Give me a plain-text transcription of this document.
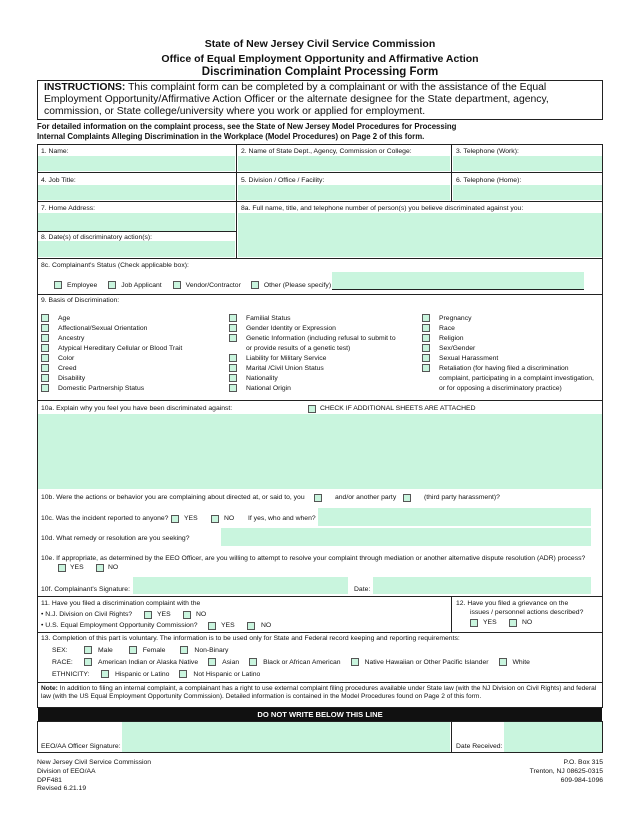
State of New Jersey Civil Service Commission
Office of Equal Employment Opportunity and Affirmative Action
Discrimination Complaint Processing Form
INSTRUCTIONS: This complaint form can be completed by a complainant or with the assistance of the Equal Employment Opportunity/Affirmative Action Officer or the alternate designee for the State department, agency, commission, or State college/university where you work or applied for employment.
For detailed information on the complaint process, see the State of New Jersey Model Procedures for Processing
Internal Complaints Alleging Discrimination in the Workplace (Model Procedures) on Page 2 of this form.
1. Name:	2. Name of State Dept., Agency, Commission or College:	3. Telephone (Work):
4. Job Title:	5. Division / Office / Facility:	6. Telephone (Home):
7. Home Address:	8a. Full name, title, and telephone number of person(s) you believe discriminated against you:
8. Date(s) of discriminatory action(s):
8c. Complainant's Status (Check applicable box):
Employee	Job Applicant	Vendor/Contractor	Other (Please specify)
9. Basis of Discrimination:
Age
Affectional/Sexual Orientation
Ancestry
Atypical Hereditary Cellular or Blood Trait
Color
Creed
Disability
Domestic Partnership Status
Familial Status
Gender Identity or Expression
Genetic Information (including refusal to submit to
or provide results of a genetic test)
Liability for Military Service
Marital /Civil Union Status
Nationality
National Origin
Pregnancy
Race
Religion
Sex/Gender
Sexual Harassment
Retaliation (for having filed a discrimination
complaint, participating in a complaint investigation,
or for opposing a discriminatory practice)
10a. Explain why you feel you have been discriminated against:	CHECK IF ADDITIONAL SHEETS ARE ATTACHED
10b. Were the actions or behavior you are complaining about directed at, or said to, you	and/or another party	(third party harassment)?
10c. Was the incident reported to anyone? YES	NO If yes, who and when?
10d. What remedy or resolution are you seeking?
10e. If appropriate, as determined by the EEO Officer, are you willing to attempt to resolve your complaint through mediation or another alternative dispute resolution (ADR) process?
YES	NO
10f. Complainant's Signature:	Date:
11. Have you filed a discrimination complaint with the
• N.J. Division on Civil Rights?	YES	NO
• U.S. Equal Employment Opportunity Commission?	YES	NO
12. Have you filed a grievance on the
issues / personnel actions described?
YES	NO
13. Completion of this part is voluntary. The information is to be used only for State and Federal record keeping and reporting requirements:
SEX:	Male	Female	Non-Binary
RACE:	American Indian or Alaska Native	Asian	Black or African American	Native Hawaiian or Other Pacific Islander	White
ETHNICITY:	Hispanic or Latino	Not Hispanic or Latino
Note: In addition to filing an internal complaint, a complainant has a right to use external complaint filing procedures available under State law (with the NJ Division on Civil Rights) and federal law (with the US Equal Employment Opportunity Commission). Detailed information is contained in the Model Procedures found on Page 2 of this form.
DO NOT WRITE BELOW THIS LINE
EEO/AA Officer Signature:	Date Received:
New Jersey Civil Service Commission
Division of EEO/AA
DPF481
Revised 6.21.19
P.O. Box 315
Trenton, NJ 08625-0315
609-984-1096
